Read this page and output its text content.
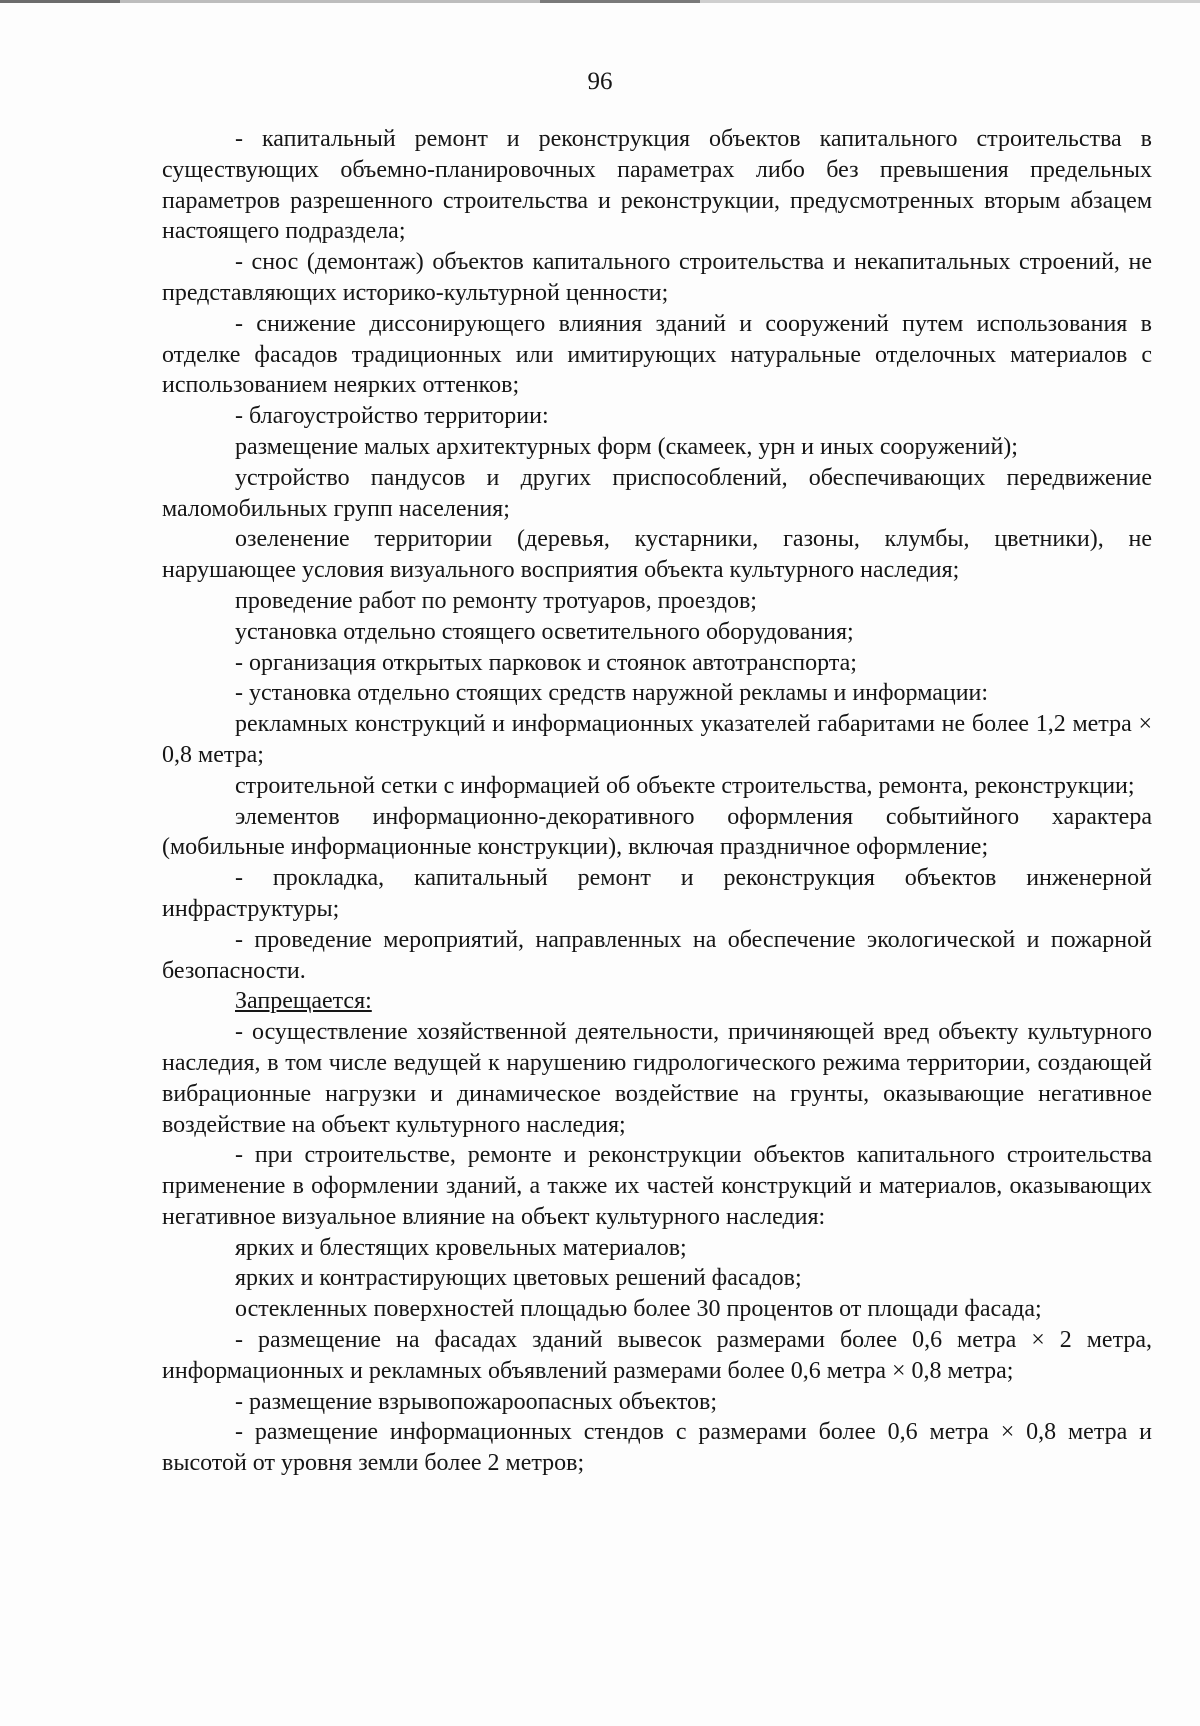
96

- капитальный ремонт и реконструкция объектов капитального строительства в существующих объемно-планировочных параметрах либо без превышения предельных параметров разрешенного строительства и реконструкции, предусмотренных вторым абзацем настоящего подраздела;

- снос (демонтаж) объектов капитального строительства и некапитальных строений, не представляющих историко-культурной ценности;

- снижение диссонирующего влияния зданий и сооружений путем использования в отделке фасадов традиционных или имитирующих натуральные отделочных материалов с использованием неярких оттенков;

- благоустройство территории:

размещение малых архитектурных форм (скамеек, урн и иных сооружений);

устройство пандусов и других приспособлений, обеспечивающих передвижение маломобильных групп населения;

озеленение территории (деревья, кустарники, газоны, клумбы, цветники), не нарушающее условия визуального восприятия объекта культурного наследия;

проведение работ по ремонту тротуаров, проездов;

установка отдельно стоящего осветительного оборудования;

- организация открытых парковок и стоянок автотранспорта;

- установка отдельно стоящих средств наружной рекламы и информации:

рекламных конструкций и информационных указателей габаритами не более 1,2 метра × 0,8 метра;

строительной сетки с информацией об объекте строительства, ремонта, реконструкции;

элементов информационно-декоративного оформления событийного характера (мобильные информационные конструкции), включая праздничное оформление;

- прокладка, капитальный ремонт и реконструкция объектов инженерной инфраструктуры;

- проведение мероприятий, направленных на обеспечение экологической и пожарной безопасности.

Запрещается:

- осуществление хозяйственной деятельности, причиняющей вред объекту культурного наследия, в том числе ведущей к нарушению гидрологического режима территории, создающей вибрационные нагрузки и динамическое воздействие на грунты, оказывающие негативное воздействие на объект культурного наследия;

- при строительстве, ремонте и реконструкции объектов капитального строительства применение в оформлении зданий, а также их частей конструкций и материалов, оказывающих негативное визуальное влияние на объект культурного наследия:

ярких и блестящих кровельных материалов;

ярких и контрастирующих цветовых решений фасадов;

остекленных поверхностей площадью более 30 процентов от площади фасада;

- размещение на фасадах зданий вывесок размерами более 0,6 метра × 2 метра, информационных и рекламных объявлений размерами более 0,6 метра × 0,8 метра;

- размещение взрывопожароопасных объектов;

- размещение информационных стендов с размерами более 0,6 метра × 0,8 метра и высотой от уровня земли более 2 метров;
